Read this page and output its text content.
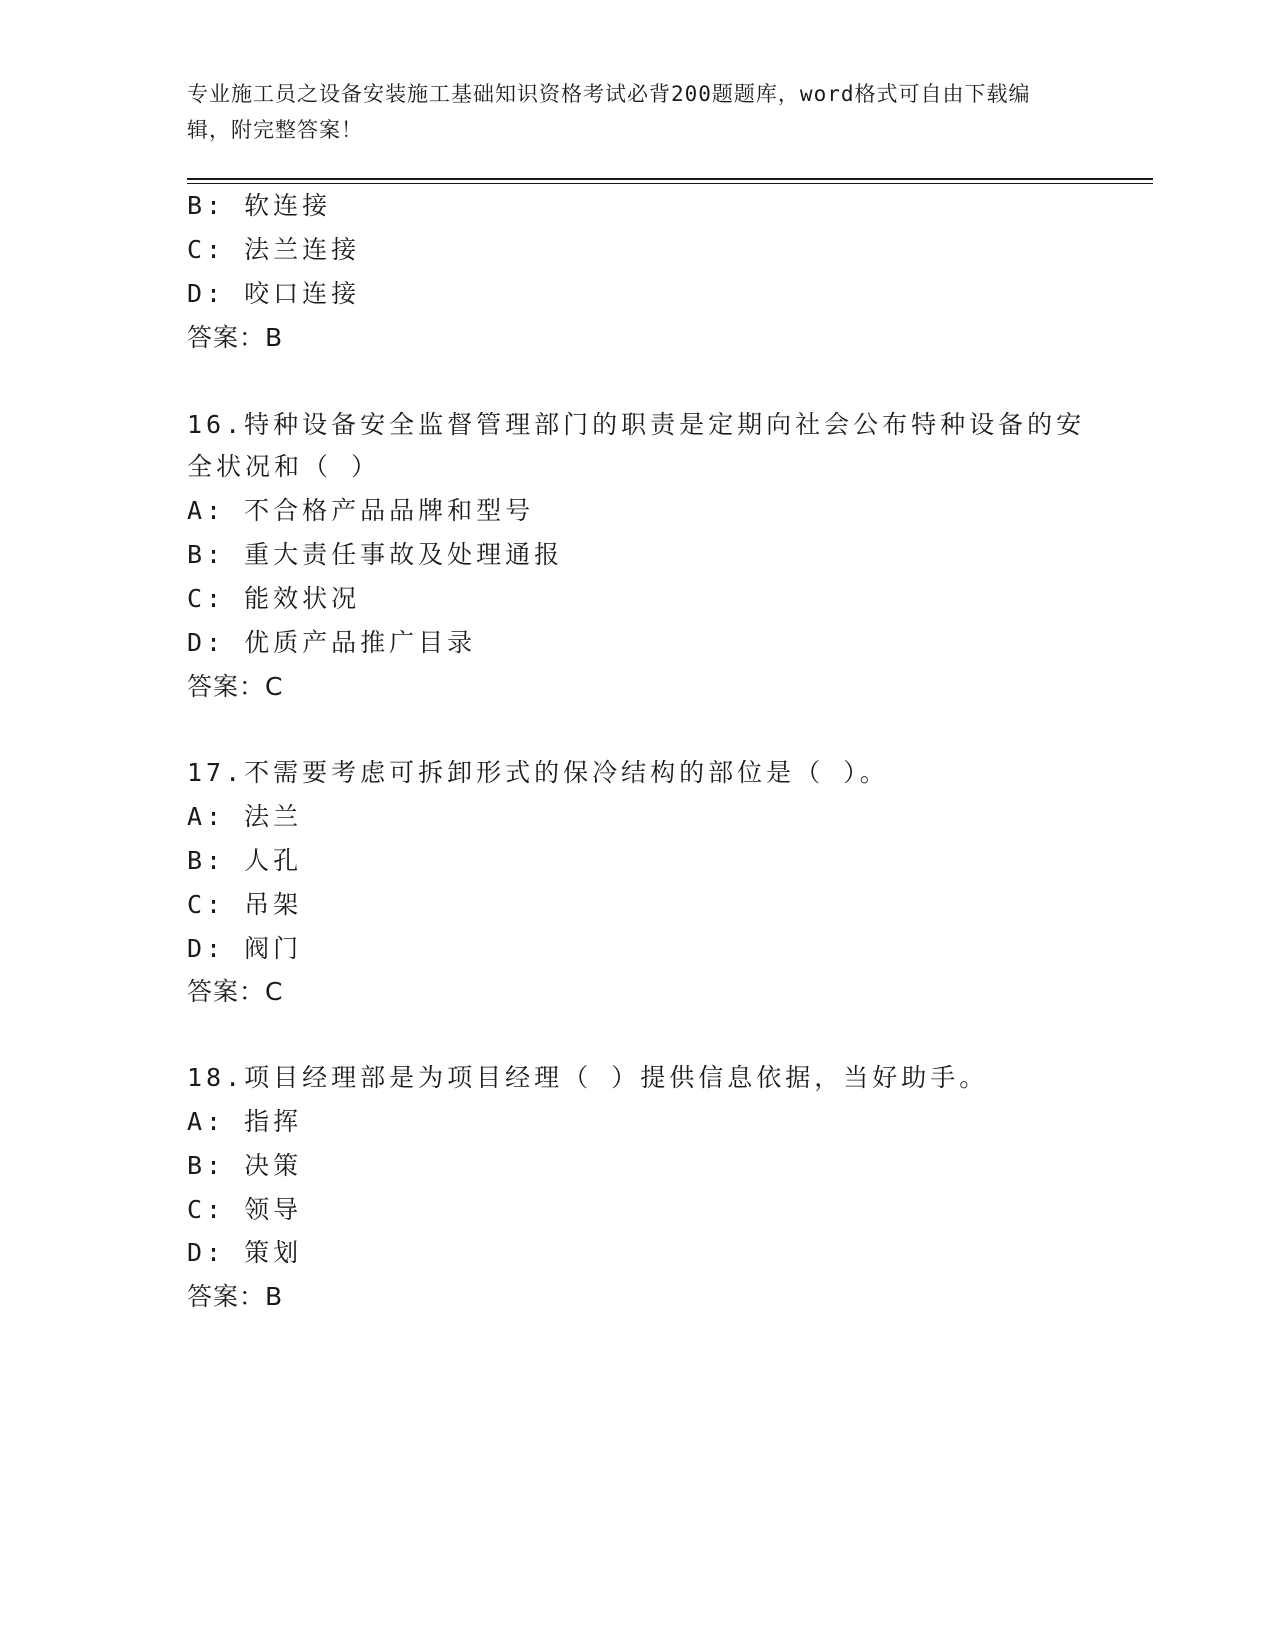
专业施工员之设备安装施工基础知识资格考试必背200题题库，word格式可自由下载编辑，附完整答案！
B: 软连接
C: 法兰连接
D: 咬口连接
答案：B
16.特种设备安全监督管理部门的职责是定期向社会公布特种设备的安
全状况和（ ）
A: 不合格产品品牌和型号
B: 重大责任事故及处理通报
C: 能效状况
D: 优质产品推广目录
答案：C
17.不需要考虑可拆卸形式的保冷结构的部位是（ ）。
A: 法兰
B: 人孔
C: 吊架
D: 阀门
答案：C
18.项目经理部是为项目经理（ ）提供信息依据，当好助手。
A: 指挥
B: 决策
C: 领导
D: 策划
答案：B
